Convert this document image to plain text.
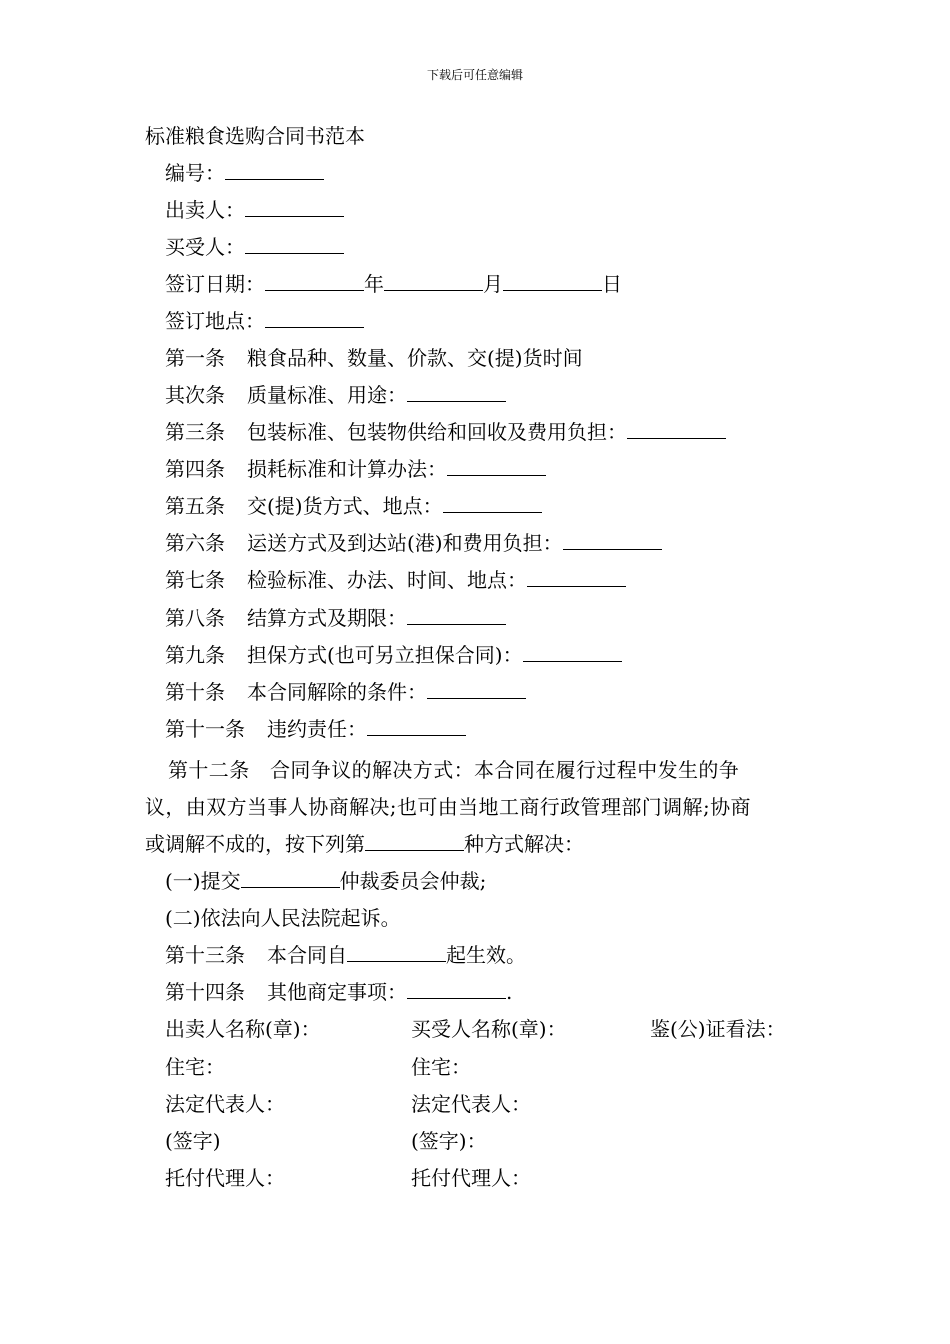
下载后可任意编辑
标准粮食选购合同书范本
编号：
出卖人：
买受人：
签订日期：	年	月	日
签订地点：
第一条 粮食品种、数量、价款、交(提)货时间
其次条 质量标准、用途：
第三条 包装标准、包装物供给和回收及费用负担：
第四条 损耗标准和计算办法：
第五条 交(提)货方式、地点：
第六条 运送方式及到达站(港)和费用负担：
第七条 检验标准、办法、时间、地点：
第八条 结算方式及期限：
第九条 担保方式(也可另立担保合同)：
第十条 本合同解除的条件：
第十一条 违约责任：
第十二条　合同争议的解决方式：本合同在履行过程中发生的争
议，由双方当事人协商解决;也可由当地工商行政管理部门调解;协商
或调解不成的，按下列第	种方式解决：
(一)提交	仲裁委员会仲裁;
(二)依法向人民法院起诉。
第十三条 本合同自	起生效。
第十四条 其他商定事项：	.
出卖人名称(章)：	买受人名称(章)：	鉴(公)证看法：
住宅：	住宅：
法定代表人：	法定代表人：
(签字)	(签字)：
托付代理人：	托付代理人：
